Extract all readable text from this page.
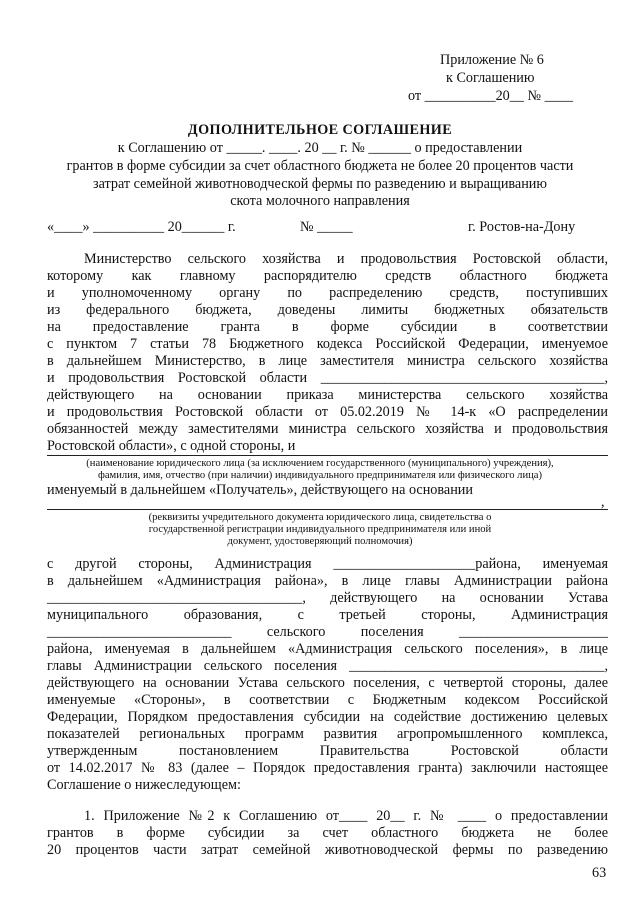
Приложение № 6
к Соглашению
от __________20__ № ____
ДОПОЛНИТЕЛЬНОЕ СОГЛАШЕНИЕ
к Соглашению от _____. ____. 20 __ г. № ______ о предоставлении
грантов в форме субсидии за счет областного бюджета не более 20 процентов части
затрат семейной животноводческой фермы по разведению и выращиванию
скота молочного направления
«____» __________ 20______ г.	№ _____	г. Ростов-на-Дону
Министерство сельского хозяйства и продовольствия Ростовской области,
которому как главному распорядителю средств областного бюджета
и уполномоченному органу по распределению средств, поступивших
из федерального бюджета, доведены лимиты бюджетных обязательств
на предоставление гранта в форме субсидии в соответствии
с пунктом 7 статьи 78 Бюджетного кодекса Российской Федерации, именуемое
в дальнейшем Министерство, в лице заместителя министра сельского хозяйства
и продовольствия Ростовской области ________________________________________,
действующего на основании приказа министерства сельского хозяйства
и продовольствия Ростовской области от 05.02.2019 № 14-к «О распределении
обязанностей между заместителями министра сельского хозяйства и продовольствия
Ростовской области», с одной стороны, и
(наименование юридического лица (за исключением государственного (муниципального) учреждения),
фамилия, имя, отчество (при наличии) индивидуального предпринимателя или физического лица)
именуемый в дальнейшем «Получатель», действующего на основании
,
(реквизиты учредительного документа юридического лица, свидетельства о
государственной регистрации индивидуального предпринимателя или иной
документ, удостоверяющий полномочия)
с другой стороны, Администрация ____________________района, именуемая
в дальнейшем «Администрация района», в лице главы Администрации района
____________________________________, действующего на основании Устава
муниципального образования, с третьей стороны, Администрация
__________________________ сельского поселения _____________________
района, именуемая в дальнейшем «Администрация сельского поселения», в лице
главы Администрации сельского поселения ____________________________________,
действующего на основании Устава сельского поселения, с четвертой стороны, далее
именуемые «Стороны», в соответствии с Бюджетным кодексом Российской
Федерации, Порядком предоставления субсидии на содействие достижению целевых
показателей региональных программ развития агропромышленного комплекса,
утвержденным постановлением Правительства Ростовской области
от 14.02.2017 № 83 (далее – Порядок предоставления гранта) заключили настоящее
Соглашение о нижеследующем:
1. Приложение №2 к Соглашению от____ 20__ г. № ____ о предоставлении
грантов в форме субсидии за счет областного бюджета не более
20 процентов части затрат семейной животноводческой фермы по разведению
63
